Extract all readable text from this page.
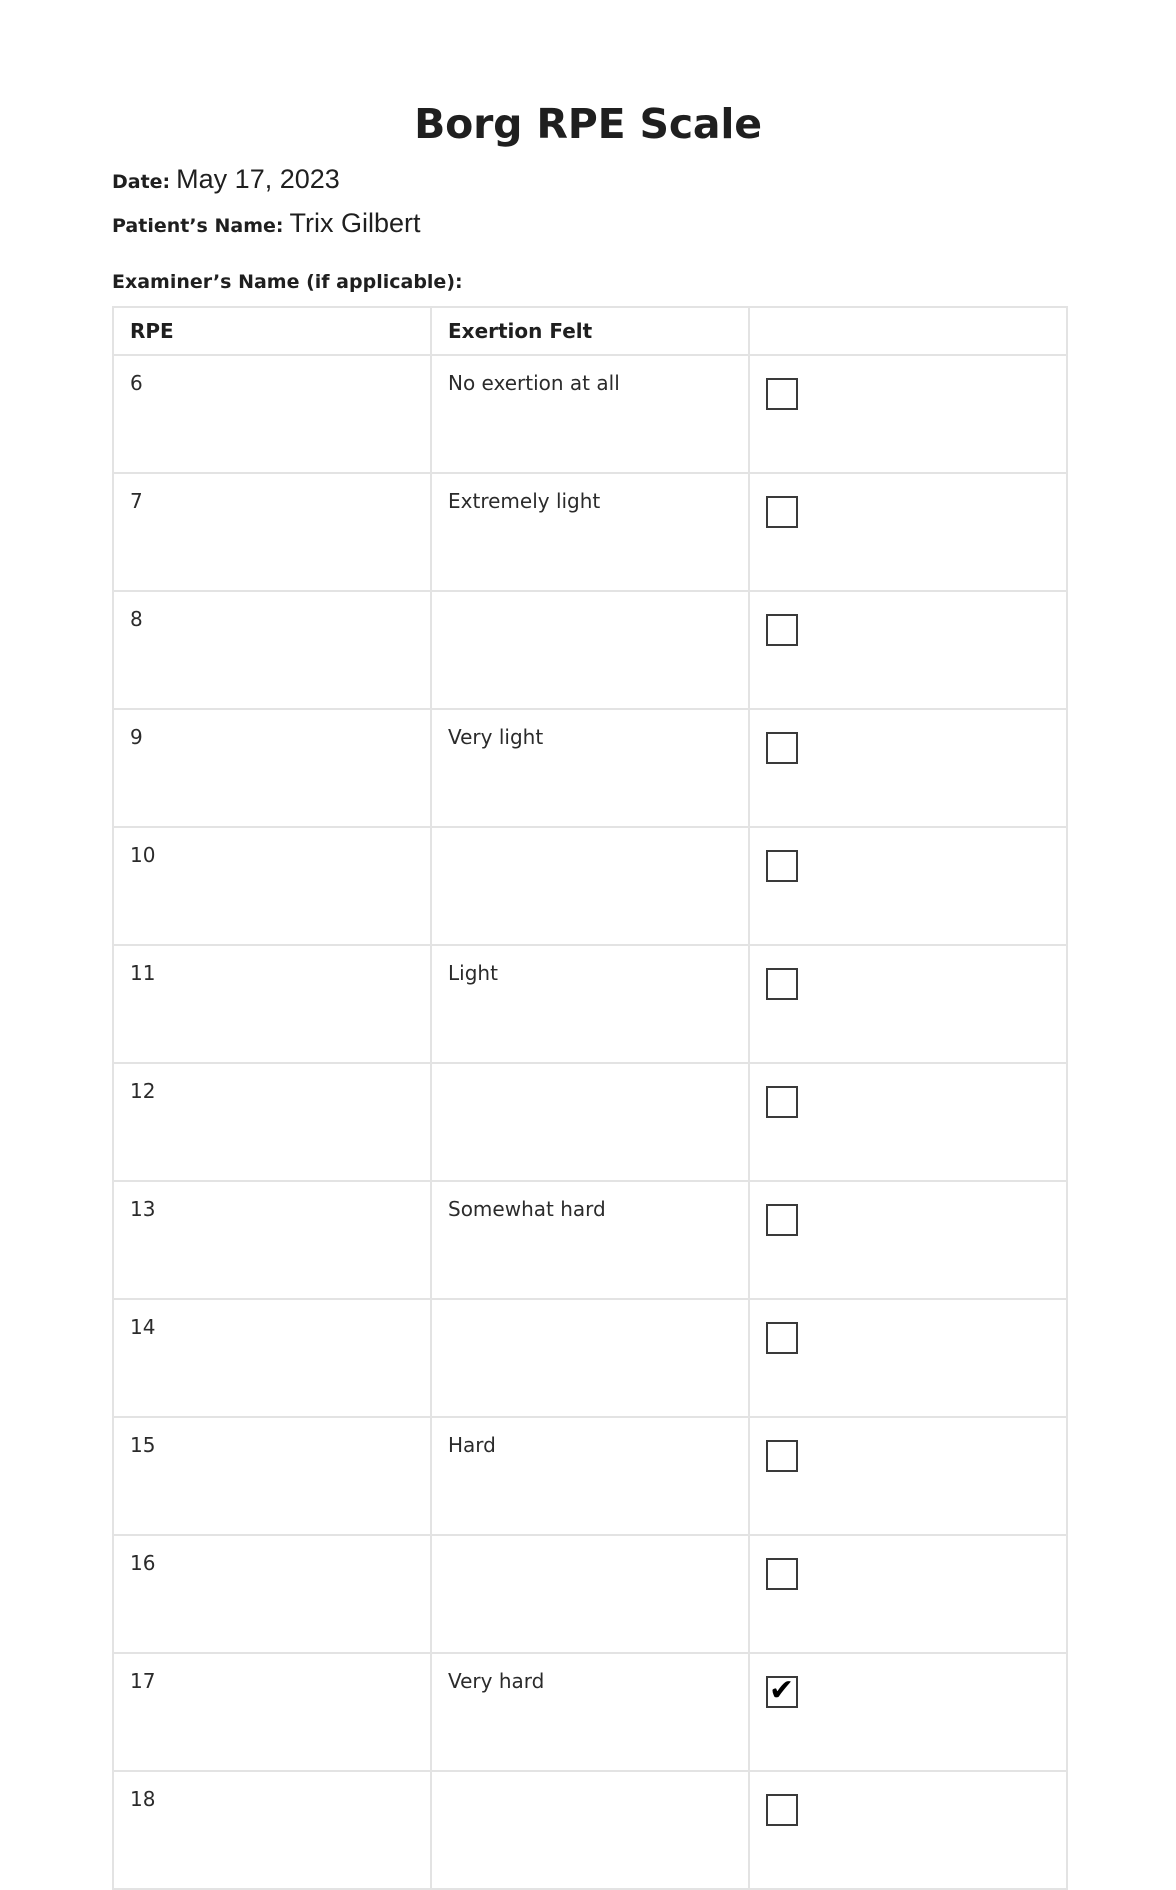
Borg RPE Scale
Date: May 17, 2023
Patient’s Name: Trix Gilbert
Examiner’s Name (if applicable):
RPE	Exertion Felt	
6	No exertion at all	

7	Extremely light	

8		

9	Very light	

10		

11	Light	

12		

13	Somewhat hard	

14		

15	Hard	

16		

17	Very hard	✔

18		
